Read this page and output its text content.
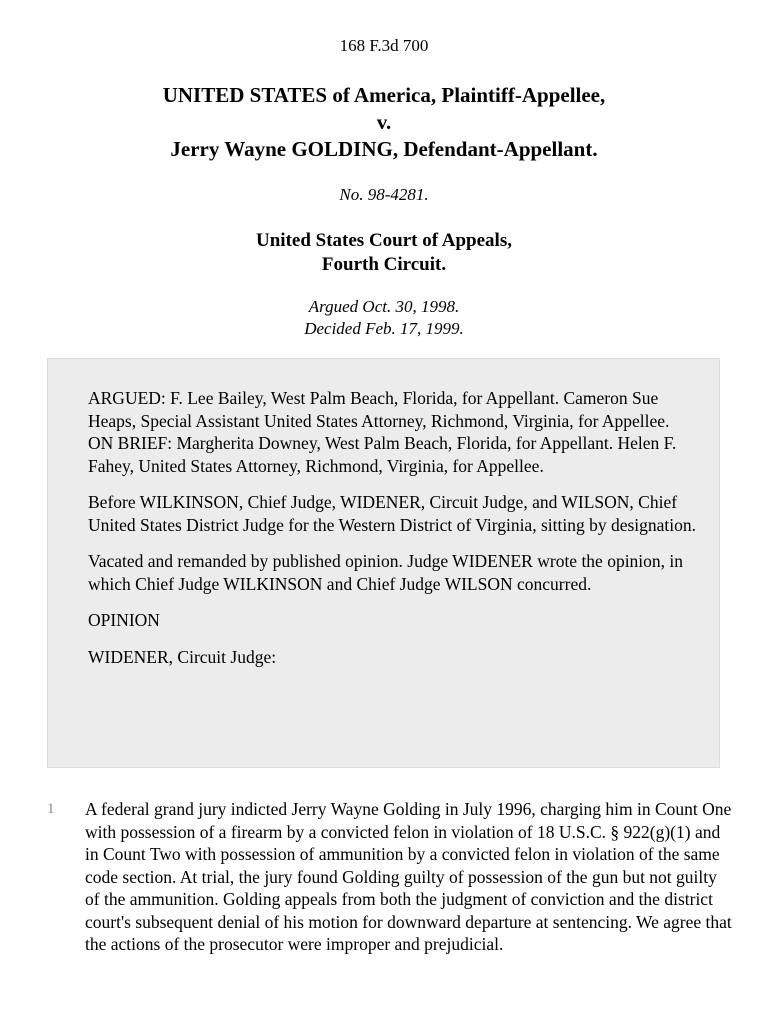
168 F.3d 700
UNITED STATES of America, Plaintiff-Appellee,
v.
Jerry Wayne GOLDING, Defendant-Appellant.
No. 98-4281.
United States Court of Appeals,
Fourth Circuit.
Argued Oct. 30, 1998.
Decided Feb. 17, 1999.

ARGUED: F. Lee Bailey, West Palm Beach, Florida, for Appellant. Cameron Sue Heaps, Special Assistant United States Attorney, Richmond, Virginia, for Appellee. ON BRIEF: Margherita Downey, West Palm Beach, Florida, for Appellant. Helen F. Fahey, United States Attorney, Richmond, Virginia, for Appellee.

Before WILKINSON, Chief Judge, WIDENER, Circuit Judge, and WILSON, Chief United States District Judge for the Western District of Virginia, sitting by designation.

Vacated and remanded by published opinion. Judge WIDENER wrote the opinion, in which Chief Judge WILKINSON and Chief Judge WILSON concurred.

OPINION

WIDENER, Circuit Judge:

1 A federal grand jury indicted Jerry Wayne Golding in July 1996, charging him in Count One with possession of a firearm by a convicted felon in violation of 18 U.S.C. § 922(g)(1) and in Count Two with possession of ammunition by a convicted felon in violation of the same code section. At trial, the jury found Golding guilty of possession of the gun but not guilty of the ammunition. Golding appeals from both the judgment of conviction and the district court's subsequent denial of his motion for downward departure at sentencing. We agree that the actions of the prosecutor were improper and prejudicial.
